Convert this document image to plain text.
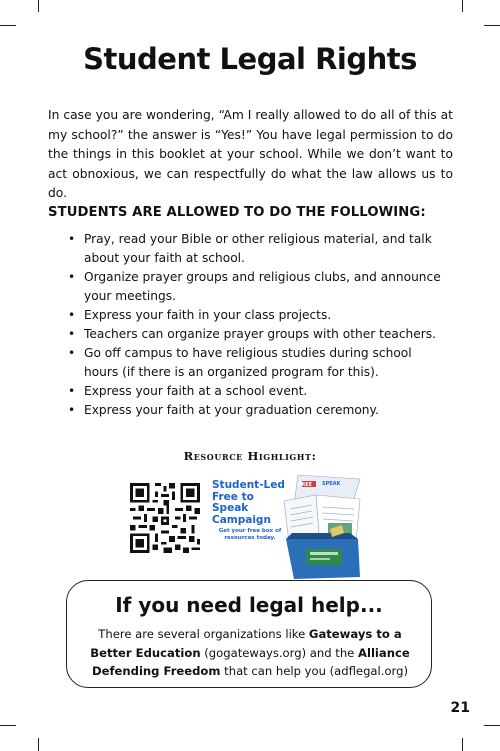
Student Legal Rights

In case you are wondering, “Am I really allowed to do all of this at my school?” the answer is “Yes!” You have legal permission to do the things in this booklet at your school. While we don’t want to act obnoxious, we can respectfully do what the law allows us to do.

STUDENTS ARE ALLOWED TO DO THE FOLLOWING:
• Pray, read your Bible or other religious material, and talk about your faith at school.
• Organize prayer groups and religious clubs, and announce your meetings.
• Express your faith in your class projects.
• Teachers can organize prayer groups with other teachers.
• Go off campus to have religious studies during school hours (if there is an organized program for this).
• Express your faith at a school event.
• Express your faith at your graduation ceremony.
Resource Highlight:
Student-Led Free to Speak Campaign
Get your free box of resources today.
FREE SPEAK
If you need legal help...

There are several organizations like Gateways to a Better Education (gogateways.org) and the Alliance Defending Freedom that can help you (adflegal.org)

21
